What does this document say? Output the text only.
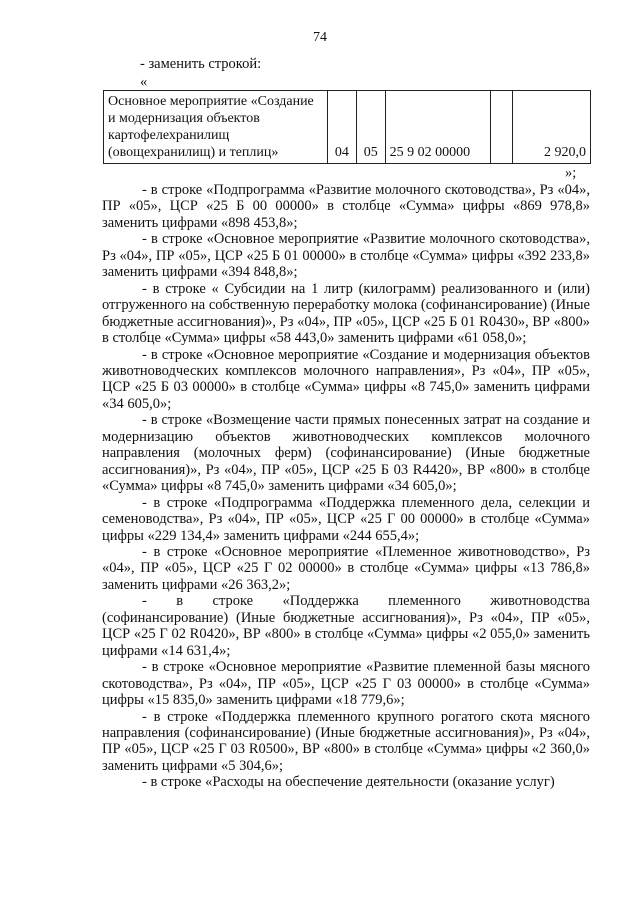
74
- заменить строкой:
«
Основное мероприятие «Создание и модернизация объектов картофелехранилищ (овощехранилищ) и теплиц»	04	05	25 9 02 00000		2 920,0
»;

- в строке «Подпрограмма «Развитие молочного скотоводства», Рз «04», ПР «05», ЦСР «25 Б 00 00000» в столбце «Сумма» цифры «869 978,8» заменить цифрами «898 453,8»;

- в строке «Основное мероприятие «Развитие молочного скотоводства», Рз «04», ПР «05», ЦСР «25 Б 01 00000» в столбце «Сумма» цифры «392 233,8» заменить цифрами «394 848,8»;

- в строке « Субсидии на 1 литр (килограмм) реализованного и (или) отгруженного на собственную переработку молока (софинансирование) (Иные бюджетные ассигнования)», Рз «04», ПР «05», ЦСР «25 Б 01 R0430», ВР «800» в столбце «Сумма» цифры «58 443,0» заменить цифрами «61 058,0»;

- в строке «Основное мероприятие «Создание и модернизация объектов животноводческих комплексов молочного направления», Рз «04», ПР «05», ЦСР «25 Б 03 00000» в столбце «Сумма» цифры «8 745,0» заменить цифрами «34 605,0»;

- в строке «Возмещение части прямых понесенных затрат на создание и модернизацию объектов животноводческих комплексов молочного направления (молочных ферм) (софинансирование) (Иные бюджетные ассигнования)», Рз «04», ПР «05», ЦСР «25 Б 03 R4420», ВР «800» в столбце «Сумма» цифры «8 745,0» заменить цифрами «34 605,0»;

- в строке «Подпрограмма «Поддержка племенного дела, селекции и семеноводства», Рз «04», ПР «05», ЦСР «25 Г 00 00000» в столбце «Сумма» цифры «229 134,4» заменить цифрами «244 655,4»;

- в строке «Основное мероприятие «Племенное животноводство», Рз «04», ПР «05», ЦСР «25 Г 02 00000» в столбце «Сумма» цифры «13 786,8» заменить цифрами «26 363,2»;

- в строке «Поддержка племенного животноводства (софинансирование) (Иные бюджетные ассигнования)», Рз «04», ПР «05», ЦСР «25 Г 02 R0420», ВР «800» в столбце «Сумма» цифры «2 055,0» заменить цифрами «14 631,4»;

- в строке «Основное мероприятие «Развитие племенной базы мясного скотоводства», Рз «04», ПР «05», ЦСР «25 Г 03 00000» в столбце «Сумма» цифры «15 835,0» заменить цифрами «18 779,6»;

- в строке «Поддержка племенного крупного рогатого скота мясного направления (софинансирование) (Иные бюджетные ассигнования)», Рз «04», ПР «05», ЦСР «25 Г 03 R0500», ВР «800» в столбце «Сумма» цифры «2 360,0» заменить цифрами «5 304,6»;

- в строке «Расходы на обеспечение деятельности (оказание услуг)
